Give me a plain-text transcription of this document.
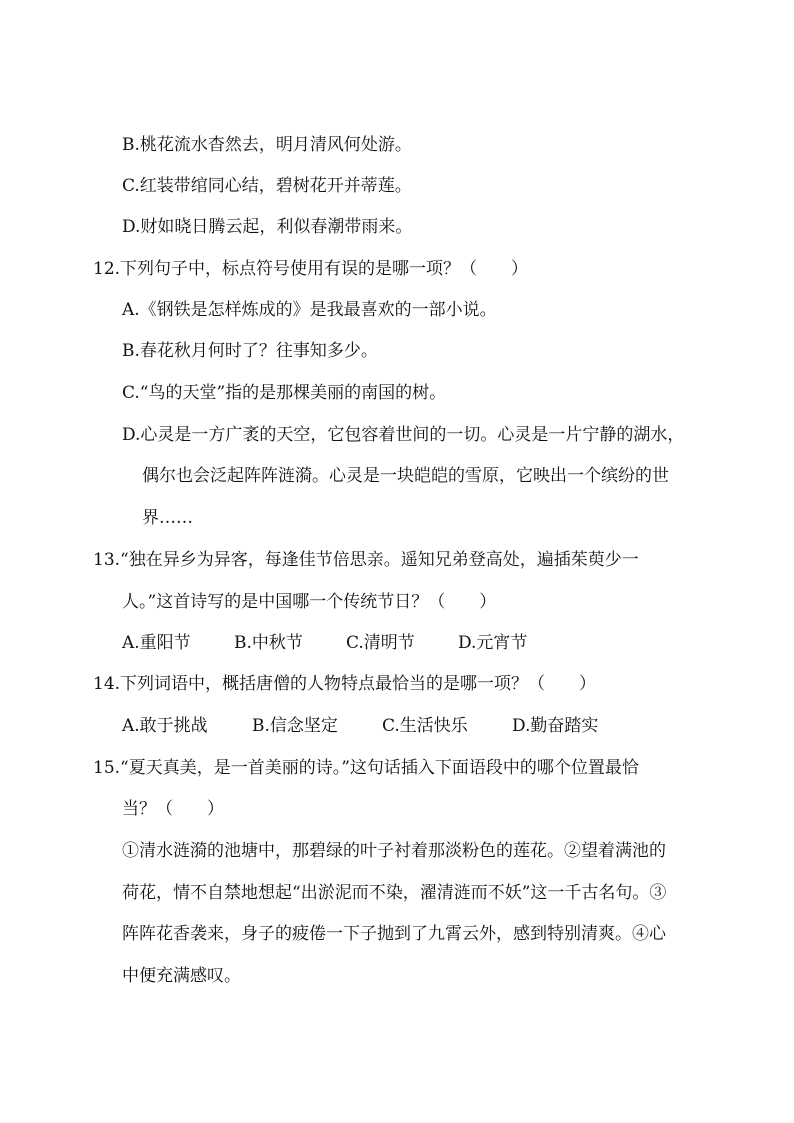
B.桃花流水杳然去，明月清风何处游。
C.红装带绾同心结，碧树花开并蒂莲。
D.财如晓日腾云起，利似春潮带雨来。
12.下列句子中，标点符号使用有误的是哪一项？（　　）
A.《钢铁是怎样炼成的》是我最喜欢的一部小说。
B.春花秋月何时了？往事知多少。
C.“鸟的天堂”指的是那棵美丽的南国的树。
D.心灵是一方广袤的天空，它包容着世间的一切。心灵是一片宁静的湖水，
偶尔也会泛起阵阵涟漪。心灵是一块皑皑的雪原，它映出一个缤纷的世
界……
13.“独在异乡为异客，每逢佳节倍思亲。遥知兄弟登高处，遍插茱萸少一
人。”这首诗写的是中国哪一个传统节日？（　　）
A.重阳节	B.中秋节	C.清明节	D.元宵节
14.下列词语中，概括唐僧的人物特点最恰当的是哪一项？（　　）
A.敢于挑战	B.信念坚定	C.生活快乐	D.勤奋踏实
15.“夏天真美，是一首美丽的诗。”这句话插入下面语段中的哪个位置最恰
当？（　　）
①清水涟漪的池塘中，那碧绿的叶子衬着那淡粉色的莲花。②望着满池的
荷花，情不自禁地想起“出淤泥而不染，濯清涟而不妖”这一千古名句。③
阵阵花香袭来，身子的疲倦一下子抛到了九霄云外，感到特别清爽。④心
中便充满感叹。
